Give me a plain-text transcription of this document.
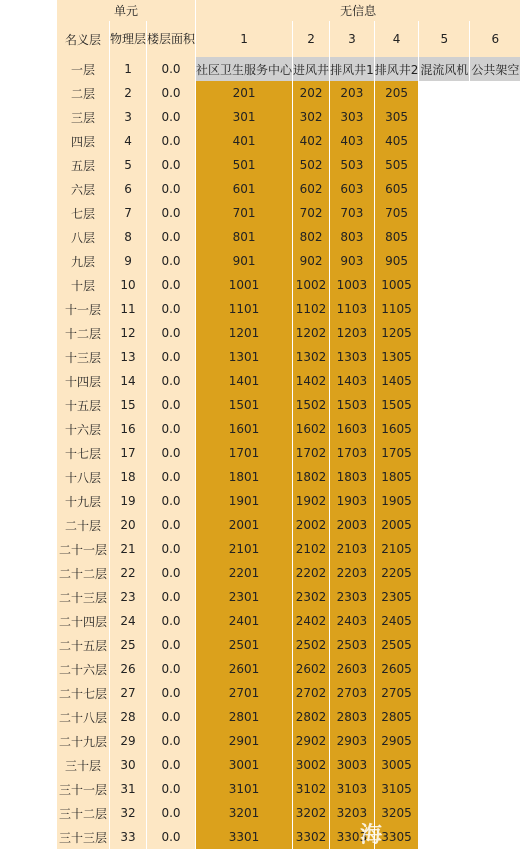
单元			无信息					
名义层	物理层	楼层面积	1	2	3	4	5	6
一层	1	0.0	社区卫生服务中心	进风井	排风井1	排风井2	混流风机	公共架空
二层	2	0.0	201	202	203	205		
三层	3	0.0	301	302	303	305		
四层	4	0.0	401	402	403	405		
五层	5	0.0	501	502	503	505		
六层	6	0.0	601	602	603	605		
七层	7	0.0	701	702	703	705		
八层	8	0.0	801	802	803	805		
九层	9	0.0	901	902	903	905		
十层	10	0.0	1001	1002	1003	1005		
十一层	11	0.0	1101	1102	1103	1105		
十二层	12	0.0	1201	1202	1203	1205		
十三层	13	0.0	1301	1302	1303	1305		
十四层	14	0.0	1401	1402	1403	1405		
十五层	15	0.0	1501	1502	1503	1505		
十六层	16	0.0	1601	1602	1603	1605		
十七层	17	0.0	1701	1702	1703	1705		
十八层	18	0.0	1801	1802	1803	1805		
十九层	19	0.0	1901	1902	1903	1905		
二十层	20	0.0	2001	2002	2003	2005		
二十一层	21	0.0	2101	2102	2103	2105		
二十二层	22	0.0	2201	2202	2203	2205		
二十三层	23	0.0	2301	2302	2303	2305		
二十四层	24	0.0	2401	2402	2403	2405		
二十五层	25	0.0	2501	2502	2503	2505		
二十六层	26	0.0	2601	2602	2603	2605		
二十七层	27	0.0	2701	2702	2703	2705		
二十八层	28	0.0	2801	2802	2803	2805		
二十九层	29	0.0	2901	2902	2903	2905		
三十层	30	0.0	3001	3002	3003	3005		
三十一层	31	0.0	3101	3102	3103	3105		
三十二层	32	0.0	3201	3202	3203	3205		
三十三层	33	0.0	3301	3302	3303	3305		
海
